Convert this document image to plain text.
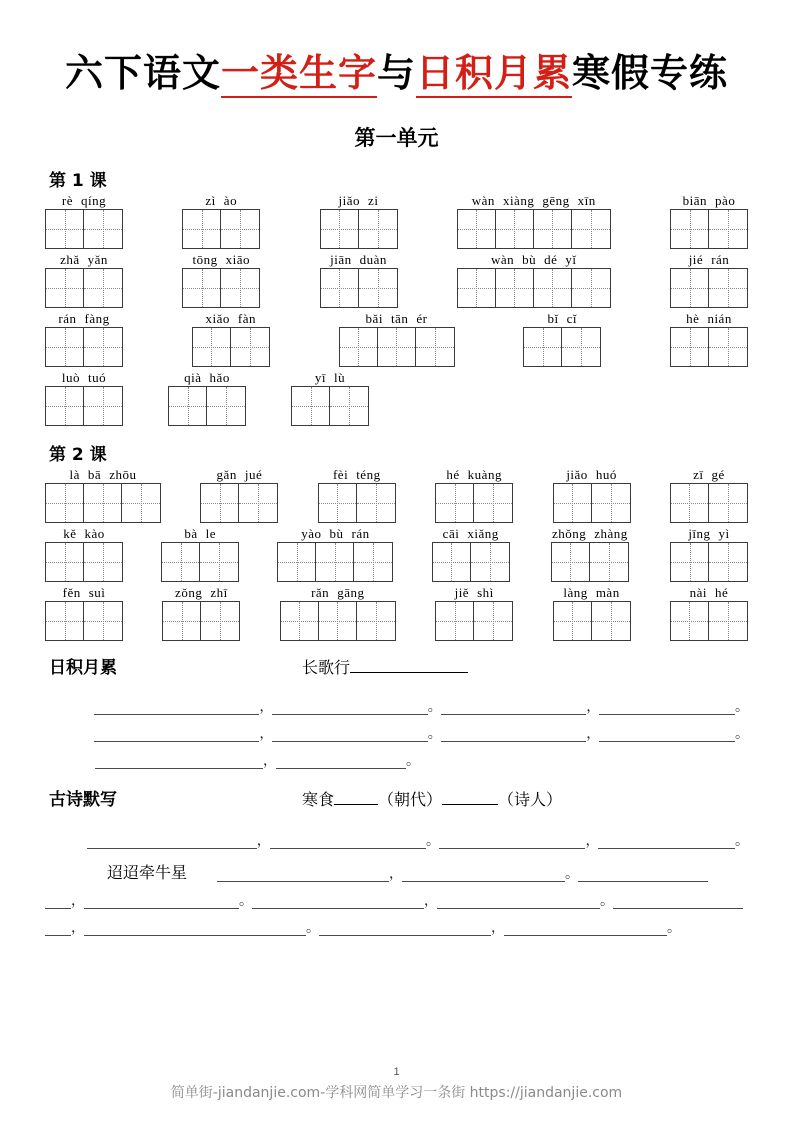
六下语文一类生字与日积月累寒假专练
第一单元
第 1 课
rè qíng	zì ào	jiǎo zi	wàn xiàng gēng xīn	biān pào
zhǎ yǎn	tōng xiāo	jiān duàn	wàn bù dé yǐ	jié rán
rán fàng	xiǎo fàn	bǎi tān ér	bǐ cǐ	hè nián
luò tuó	qià hǎo	yī lù
第 2 课
là bā zhōu	gǎn jué	fèi téng	hé kuàng	jiǎo huó	zī gé
kě kào	bà le	yào bù rán	cāi xiǎng	zhǒng zhàng	jīng yì
fěn suì	zǒng zhī	rǎn gāng	jiě shì	làng màn	nài hé
日积月累	长歌行
，	。	，	。
，	。	，	。
，	。
古诗默写	寒食	（朝代）	（诗人）
，	。	，	。
迢迢牵牛星	，	。
，	。	，	。
，	。	，	。
1
简单街-jiandanjie.com-学科网简单学习一条街 https://jiandanjie.com
